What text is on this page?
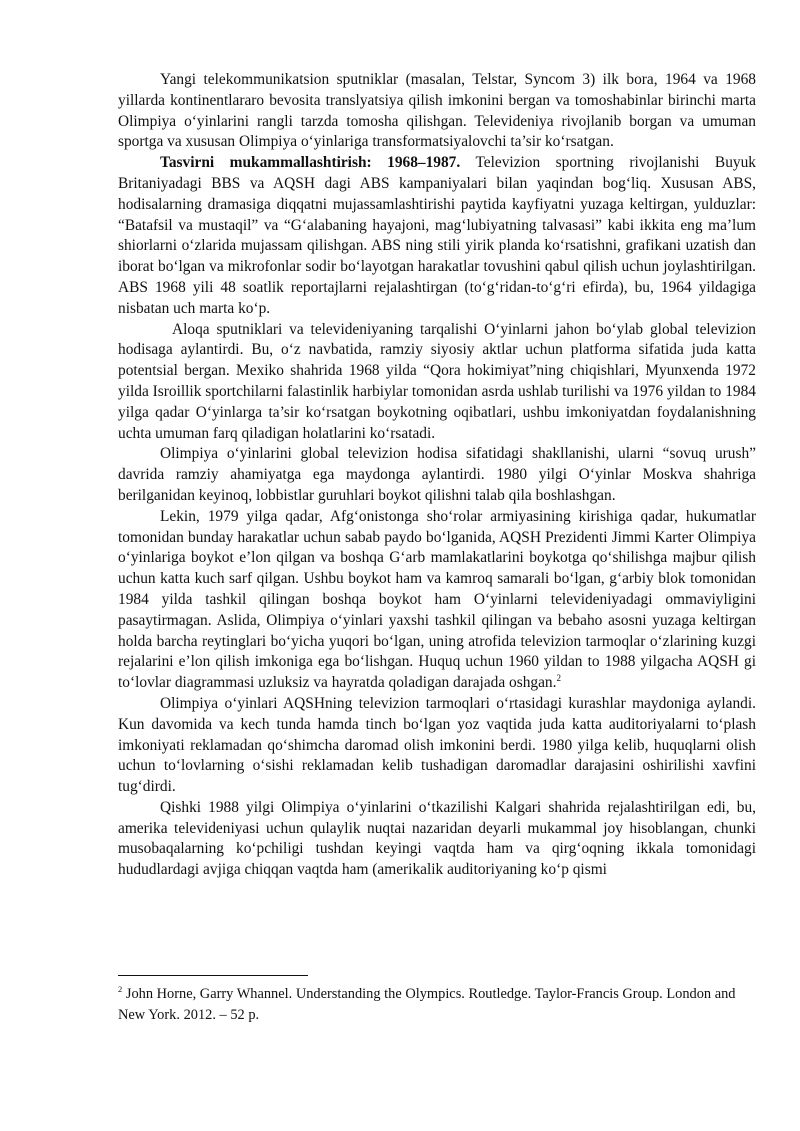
Yangi telekommunikatsion sputniklar (masalan, Telstar, Syncom 3) ilk bora, 1964 va 1968 yillarda kontinentlararo bevosita translyatsiya qilish imkonini bergan va tomoshabinlar birinchi marta Olimpiya o‘yinlarini rangli tarzda tomosha qilishgan. Televideniya rivojlanib borgan va umuman sportga va xususan Olimpiya o‘yinlariga transformatsiyalovchi ta’sir ko‘rsatgan.

Tasvirni mukammallashtirish: 1968–1987. Televizion sportning rivojlanishi Buyuk Britaniyadagi BBS va AQSH dagi ABS kampaniyalari bilan yaqindan bog‘liq. Xususan ABS, hodisalarning dramasiga diqqatni mujassamlashtirishi paytida kayfiyatni yuzaga keltirgan, yulduzlar: “Batafsil va mustaqil” va “G‘alabaning hayajoni, mag‘lubiyatning talvasasi” kabi ikkita eng ma’lum shiorlarni o‘zlarida mujassam qilishgan. ABS ning stili yirik planda ko‘rsatishni, grafikani uzatish dan iborat bo‘lgan va mikrofonlar sodir bo‘layotgan harakatlar tovushini qabul qilish uchun joylashtirilgan. ABS 1968 yili 48 soatlik reportajlarni rejalashtirgan (to‘g‘ridan-to‘g‘ri efirda), bu, 1964 yildagiga nisbatan uch marta ko‘p.

Aloqa sputniklari va televideniyaning tarqalishi O‘yinlarni jahon bo‘ylab global televizion hodisaga aylantirdi. Bu, o‘z navbatida, ramziy siyosiy aktlar uchun platforma sifatida juda katta potentsial bergan. Mexiko shahrida 1968 yilda “Qora hokimiyat”ning chiqishlari, Myunxenda 1972 yilda Isroillik sportchilarni falastinlik harbiylar tomonidan asrda ushlab turilishi va 1976 yildan to 1984 yilga qadar O‘yinlarga ta’sir ko‘rsatgan boykotning oqibatlari, ushbu imkoniyatdan foydalanishning uchta umuman farq qiladigan holatlarini ko‘rsatadi.

Olimpiya o‘yinlarini global televizion hodisa sifatidagi shakllanishi, ularni “sovuq urush” davrida ramziy ahamiyatga ega maydonga aylantirdi. 1980 yilgi O‘yinlar Moskva shahriga berilganidan keyinoq, lobbistlar guruhlari boykot qilishni talab qila boshlashgan.

Lekin, 1979 yilga qadar, Afg‘onistonga sho‘rolar armiyasining kirishiga qadar, hukumatlar tomonidan bunday harakatlar uchun sabab paydo bo‘lganida, AQSH Prezidenti Jimmi Karter Olimpiya o‘yinlariga boykot e’lon qilgan va boshqa G‘arb mamlakatlarini boykotga qo‘shilishga majbur qilish uchun katta kuch sarf qilgan. Ushbu boykot ham va kamroq samarali bo‘lgan, g‘arbiy blok tomonidan 1984 yilda tashkil qilingan boshqa boykot ham O‘yinlarni televideniyadagi ommaviyligini pasaytirmagan. Aslida, Olimpiya o‘yinlari yaxshi tashkil qilingan va bebaho asosni yuzaga keltirgan holda barcha reytinglari bo‘yicha yuqori bo‘lgan, uning atrofida televizion tarmoqlar o‘zlarining kuzgi rejalarini e’lon qilish imkoniga ega bo‘lishgan. Huquq uchun 1960 yildan to 1988 yilgacha AQSH gi to‘lovlar diagrammasi uzluksiz va hayratda qoladigan darajada oshgan.$^2$

Olimpiya o‘yinlari AQSHning televizion tarmoqlari o‘rtasidagi kurashlar maydoniga aylandi. Kun davomida va kech tunda hamda tinch bo‘lgan yoz vaqtida juda katta auditoriyalarni to‘plash imkoniyati reklamadan qo‘shimcha daromad olish imkonini berdi. 1980 yilga kelib, huquqlarni olish uchun to‘lovlarning o‘sishi reklamadan kelib tushadigan daromadlar darajasini oshirilishi xavfini tug‘dirdi.

Qishki 1988 yilgi Olimpiya o‘yinlarini o‘tkazilishi Kalgari shahrida rejalashtirilgan edi, bu, amerika televideniyasi uchun qulaylik nuqtai nazaridan deyarli mukammal joy hisoblangan, chunki musobaqalarning ko‘pchiligi tushdan keyingi vaqtda ham va qirg‘oqning ikkala tomonidagi hududlardagi avjiga chiqqan vaqtda ham (amerikalik auditoriyaning ko‘p qismi

$^2$ John Horne, Garry Whannel. Understanding the Olympics. Routledge. Taylor-Francis Group. London and New York. 2012. – 52 p.
